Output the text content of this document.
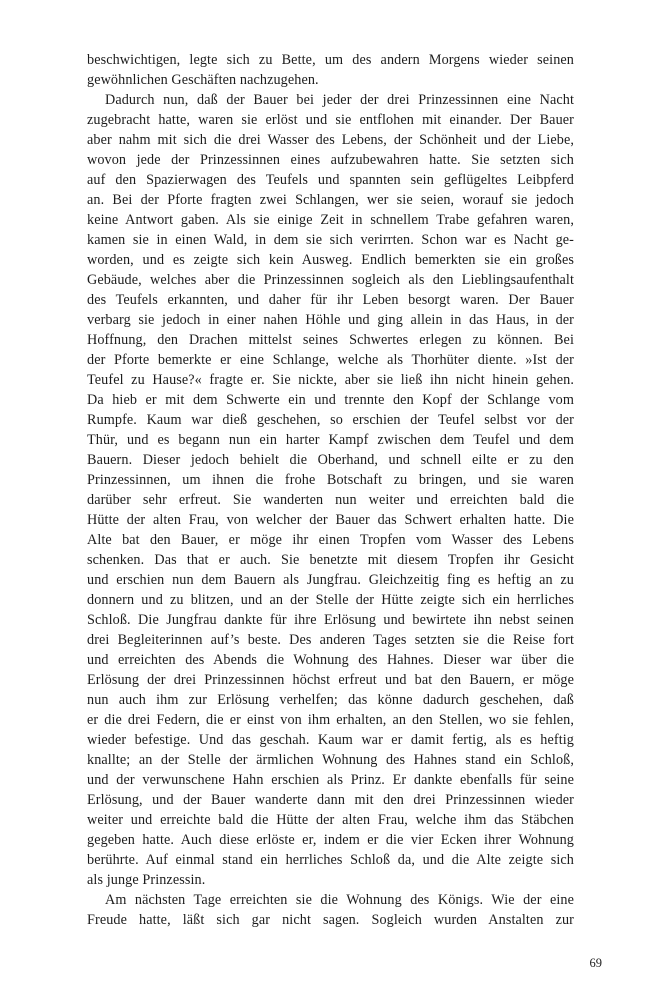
beschwichtigen, legte sich zu Bette, um des andern Morgens wieder seinen
gewöhnlichen Geschäften nachzugehen.
Dadurch nun, daß der Bauer bei jeder der drei Prinzessinnen eine Nacht
zugebracht hatte, waren sie erlöst und sie entflohen mit einander. Der Bauer
aber nahm mit sich die drei Wasser des Lebens, der Schönheit und der Liebe,
wovon jede der Prinzessinnen eines aufzubewahren hatte. Sie setzten sich
auf den Spazierwagen des Teufels und spannten sein geflügeltes Leibpferd
an. Bei der Pforte fragten zwei Schlangen, wer sie seien, worauf sie jedoch
keine Antwort gaben. Als sie einige Zeit in schnellem Trabe gefahren waren,
kamen sie in einen Wald, in dem sie sich verirrten. Schon war es Nacht ge-
worden, und es zeigte sich kein Ausweg. Endlich bemerkten sie ein großes
Gebäude, welches aber die Prinzessinnen sogleich als den Lieblingsaufenthalt
des Teufels erkannten, und daher für ihr Leben besorgt waren. Der Bauer
verbarg sie jedoch in einer nahen Höhle und ging allein in das Haus, in der
Hoffnung, den Drachen mittelst seines Schwertes erlegen zu können. Bei
der Pforte bemerkte er eine Schlange, welche als Thorhüter diente. »Ist der
Teufel zu Hause?« fragte er. Sie nickte, aber sie ließ ihn nicht hinein gehen.
Da hieb er mit dem Schwerte ein und trennte den Kopf der Schlange vom
Rumpfe. Kaum war dieß geschehen, so erschien der Teufel selbst vor der
Thür, und es begann nun ein harter Kampf zwischen dem Teufel und dem
Bauern. Dieser jedoch behielt die Oberhand, und schnell eilte er zu den
Prinzessinnen, um ihnen die frohe Botschaft zu bringen, und sie waren
darüber sehr erfreut. Sie wanderten nun weiter und erreichten bald die
Hütte der alten Frau, von welcher der Bauer das Schwert erhalten hatte. Die
Alte bat den Bauer, er möge ihr einen Tropfen vom Wasser des Lebens
schenken. Das that er auch. Sie benetzte mit diesem Tropfen ihr Gesicht
und erschien nun dem Bauern als Jungfrau. Gleichzeitig fing es heftig an zu
donnern und zu blitzen, und an der Stelle der Hütte zeigte sich ein herrliches
Schloß. Die Jungfrau dankte für ihre Erlösung und bewirtete ihn nebst seinen
drei Begleiterinnen auf’s beste. Des anderen Tages setzten sie die Reise fort
und erreichten des Abends die Wohnung des Hahnes. Dieser war über die
Erlösung der drei Prinzessinnen höchst erfreut und bat den Bauern, er möge
nun auch ihm zur Erlösung verhelfen; das könne dadurch geschehen, daß
er die drei Federn, die er einst von ihm erhalten, an den Stellen, wo sie fehlen,
wieder befestige. Und das geschah. Kaum war er damit fertig, als es heftig
knallte; an der Stelle der ärmlichen Wohnung des Hahnes stand ein Schloß,
und der verwunschene Hahn erschien als Prinz. Er dankte ebenfalls für seine
Erlösung, und der Bauer wanderte dann mit den drei Prinzessinnen wieder
weiter und erreichte bald die Hütte der alten Frau, welche ihm das Stäbchen
gegeben hatte. Auch diese erlöste er, indem er die vier Ecken ihrer Wohnung
berührte. Auf einmal stand ein herrliches Schloß da, und die Alte zeigte sich
als junge Prinzessin.
Am nächsten Tage erreichten sie die Wohnung des Königs. Wie der eine
Freude hatte, läßt sich gar nicht sagen. Sogleich wurden Anstalten zur
69
